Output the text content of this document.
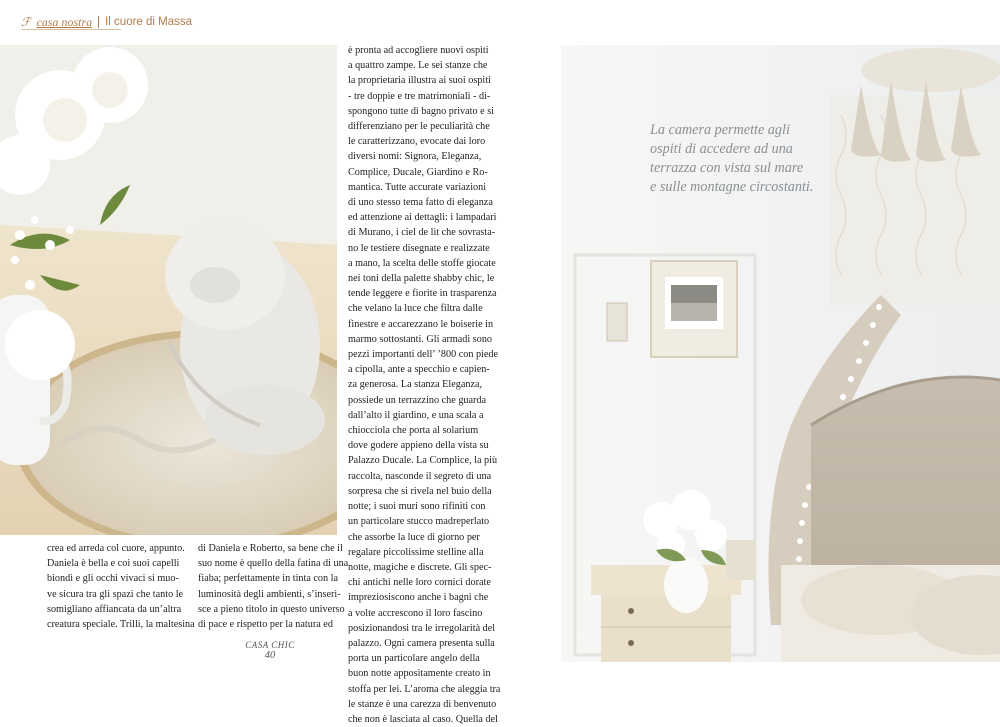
ℱ casa nostra Il cuore di Massa
La camera permette agli
ospiti di accedere ad una
terrazza con vista sul mare
e sulle montagne circostanti.
crea ed arreda col cuore, appunto.
Daniela è bella e coi suoi capelli
biondi e gli occhi vivaci si muo-
ve sicura tra gli spazi che tanto le
somigliano affiancata da un’altra
creatura speciale. Trilli, la maltesina
di Daniela e Roberto, sa bene che il
suo nome è quello della fatina di una
fiaba; perfettamente in tinta con la
luminosità degli ambienti, s’inseri-
sce a pieno titolo in questo universo
di pace e rispetto per la natura ed
è pronta ad accogliere nuovi ospiti
a quattro zampe. Le sei stanze che
la proprietaria illustra ai suoi ospiti
- tre doppie e tre matrimoniali - di-
spongono tutte di bagno privato e si
differenziano per le peculiarità che
le caratterizzano, evocate dai loro
diversi nomi: Signora, Eleganza,
Complice, Ducale, Giardino e Ro-
mantica. Tutte accurate variazioni
di uno stesso tema fatto di eleganza
ed attenzione ai dettagli: i lampadari
di Murano, i ciel de lit che sovrasta-
no le testiere disegnate e realizzate
a mano, la scelta delle stoffe giocate
nei toni della palette shabby chic, le
tende leggere e fiorite in trasparenza
che velano la luce che filtra dalle
finestre e accarezzano le boiserie in
marmo sottostanti. Gli armadi sono
pezzi importanti dell’ ’800 con piede
a cipolla, ante a specchio e capien-
za generosa. La stanza Eleganza,
possiede un terrazzino che guarda
dall’alto il giardino, e una scala a
chiocciola che porta al solarium
dove godere appieno della vista su
Palazzo Ducale. La Complice, la più
raccolta, nasconde il segreto di una
sorpresa che si rivela nel buio della
notte; i suoi muri sono rifiniti con
un particolare stucco madreperlato
che assorbe la luce di giorno per
regalare piccolissime stelline alla
notte, magiche e discrete. Gli spec-
chi antichi nelle loro cornici dorate
impreziosiscono anche i bagni che
a volte accrescono il loro fascino
posizionandosi tra le irregolarità del
palazzo. Ogni camera presenta sulla
porta un particolare angelo della
buon notte appositamente creato in
stoffa per lei. L’aroma che aleggia tra
le stanze è una carezza di benvenuto
che non è lasciata al caso. Quella del
CASA CHIC
40
